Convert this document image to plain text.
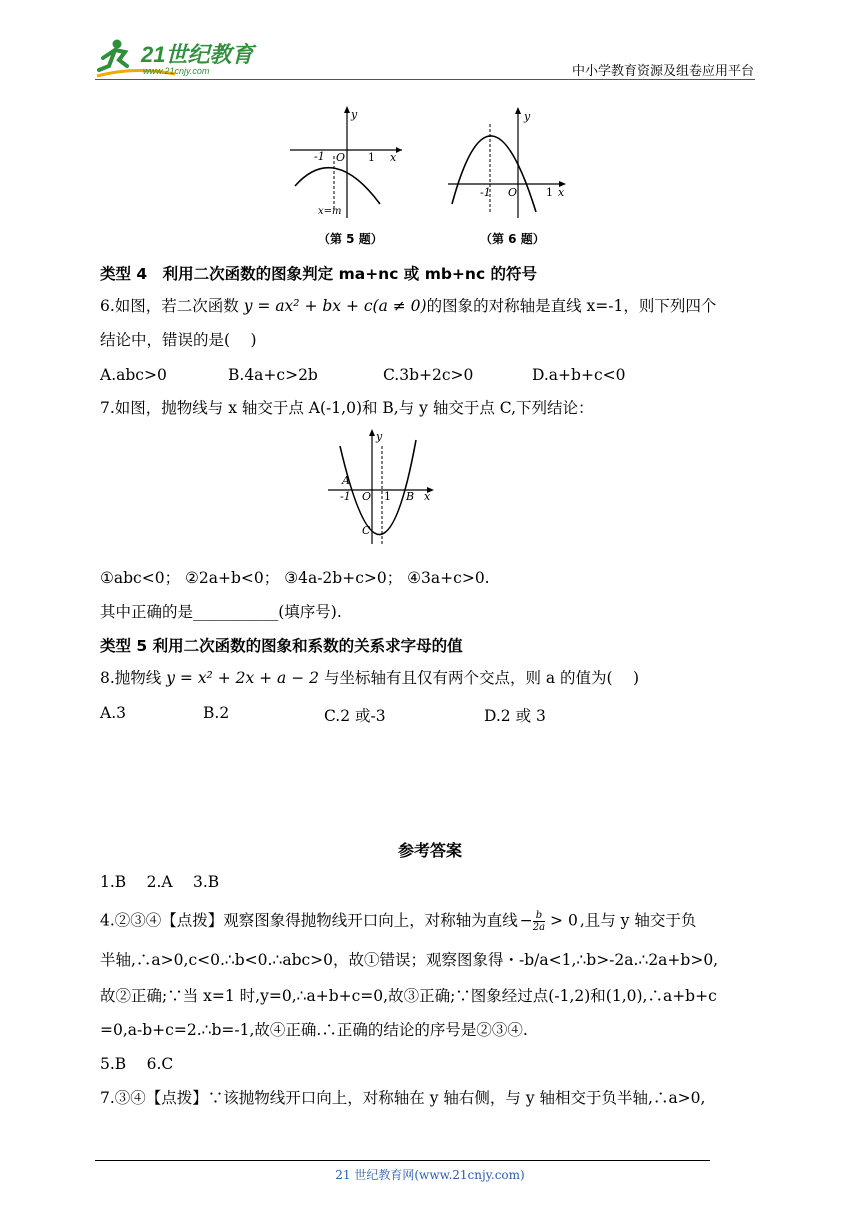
21世纪教育
www.21cnjy.com	中小学教育资源及组卷应用平台
-1 O 1 x
y
x=m
（第 5 题）
-1 O	1 x
y
（第 6 题）
类型 4　利用二次函数的图象判定 ma+nc 或 mb+nc 的符号
6.如图，若二次函数 y = ax² + bx + c(a ≠ 0)的图象的对称轴是直线 x=-1，则下列四个
结论中，错误的是(　 )
A.abc>0	B.4a+c>2b	C.3b+2c>0	D.a+b+c<0
7.如图，抛物线与 x 轴交于点 A(-1,0)和 B,与 y 轴交于点 C,下列结论：
y
A
-1 O 1 B x
C
①abc<0； ②2a+b<0； ③4a-2b+c>0； ④3a+c>0.
其中正确的是___________(填序号).
类型 5 利用二次函数的图象和系数的关系求字母的值
8.抛物线 y = x² + 2x + a − 2 与坐标轴有且仅有两个交点，则 a 的值为(　 )
A.3	B.2	C.2 或-3	D.2 或 3
参考答案
1.B　 2.A　 3.B
4.②③④【点拨】观察图象得抛物线开口向上，对称轴为直线 − $\frac{b}{2a} > 0$ ,且与 y 轴交于负
半轴,∴a>0,c<0.∴b<0.∴abc>0，故①错误；观察图象得・-b/a<1,∴b>-2a.∴2a+b>0,
故②正确;∵当 x=1 时,y=0,∴a+b+c=0,故③正确;∵图象经过点(-1,2)和(1,0),∴a+b+c
=0,a-b+c=2.∴b=-1,故④正确.∴正确的结论的序号是②③④.
5.B　 6.C
7.③④【点拨】∵该抛物线开口向上，对称轴在 y 轴右侧，与 y 轴相交于负半轴,∴a>0,
21 世纪教育网(www.21cnjy.com)
